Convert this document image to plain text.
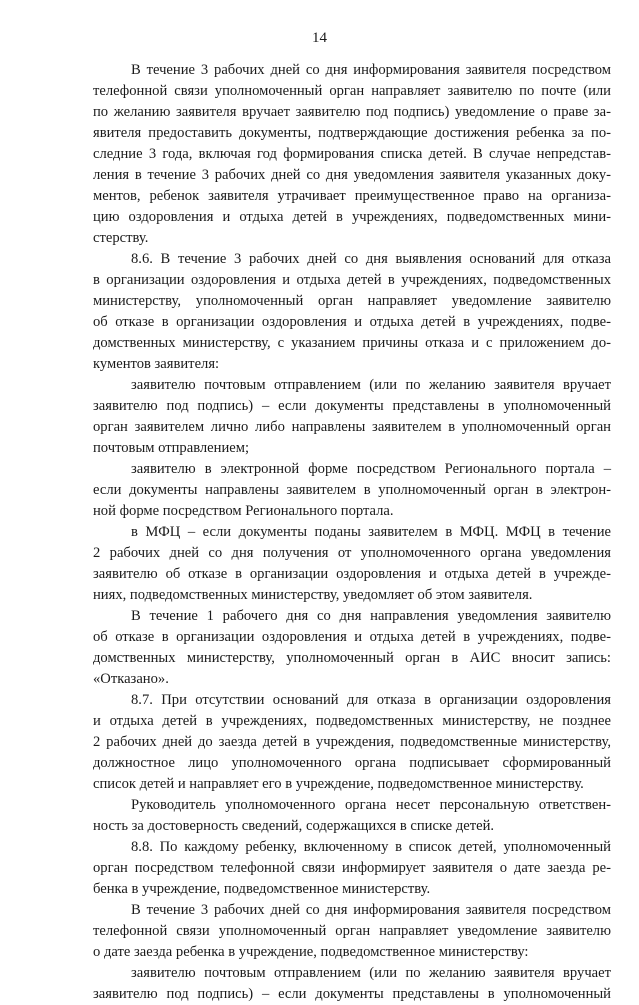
14
В течение 3 рабочих дней со дня информирования заявителя посредством
телефонной связи уполномоченный орган направляет заявителю по почте (или
по желанию заявителя вручает заявителю под подпись) уведомление о праве за-
явителя предоставить документы, подтверждающие достижения ребенка за по-
следние 3 года, включая год формирования списка детей. В случае непредстав-
ления в течение 3 рабочих дней со дня уведомления заявителя указанных доку-
ментов, ребенок заявителя утрачивает преимущественное право на организа-
цию оздоровления и отдыха детей в учреждениях, подведомственных мини-
стерству.
8.6. В течение 3 рабочих дней со дня выявления оснований для отказа
в организации оздоровления и отдыха детей в учреждениях, подведомственных
министерству, уполномоченный орган направляет уведомление заявителю
об отказе в организации оздоровления и отдыха детей в учреждениях, подве-
домственных министерству, с указанием причины отказа и с приложением до-
кументов заявителя:
заявителю почтовым отправлением (или по желанию заявителя вручает
заявителю под подпись) – если документы представлены в уполномоченный
орган заявителем лично либо направлены заявителем в уполномоченный орган
почтовым отправлением;
заявителю в электронной форме посредством Регионального портала –
если документы направлены заявителем в уполномоченный орган в электрон-
ной форме посредством Регионального портала.
в МФЦ – если документы поданы заявителем в МФЦ. МФЦ в течение
2 рабочих дней со дня получения от уполномоченного органа уведомления
заявителю об отказе в организации оздоровления и отдыха детей в учрежде-
ниях, подведомственных министерству, уведомляет об этом заявителя.
В течение 1 рабочего дня со дня направления уведомления заявителю
об отказе в организации оздоровления и отдыха детей в учреждениях, подве-
домственных министерству, уполномоченный орган в АИС вносит запись:
«Отказано».
8.7. При отсутствии оснований для отказа в организации оздоровления
и отдыха детей в учреждениях, подведомственных министерству, не позднее
2 рабочих дней до заезда детей в учреждения, подведомственные министерству,
должностное лицо уполномоченного органа подписывает сформированный
список детей и направляет его в учреждение, подведомственное министерству.
Руководитель уполномоченного органа несет персональную ответствен-
ность за достоверность сведений, содержащихся в списке детей.
8.8. По каждому ребенку, включенному в список детей, уполномоченный
орган посредством телефонной связи информирует заявителя о дате заезда ре-
бенка в учреждение, подведомственное министерству.
В течение 3 рабочих дней со дня информирования заявителя посредством
телефонной связи уполномоченный орган направляет уведомление заявителю
о дате заезда ребенка в учреждение, подведомственное министерству:
заявителю почтовым отправлением (или по желанию заявителя вручает
заявителю под подпись) – если документы представлены в уполномоченный
